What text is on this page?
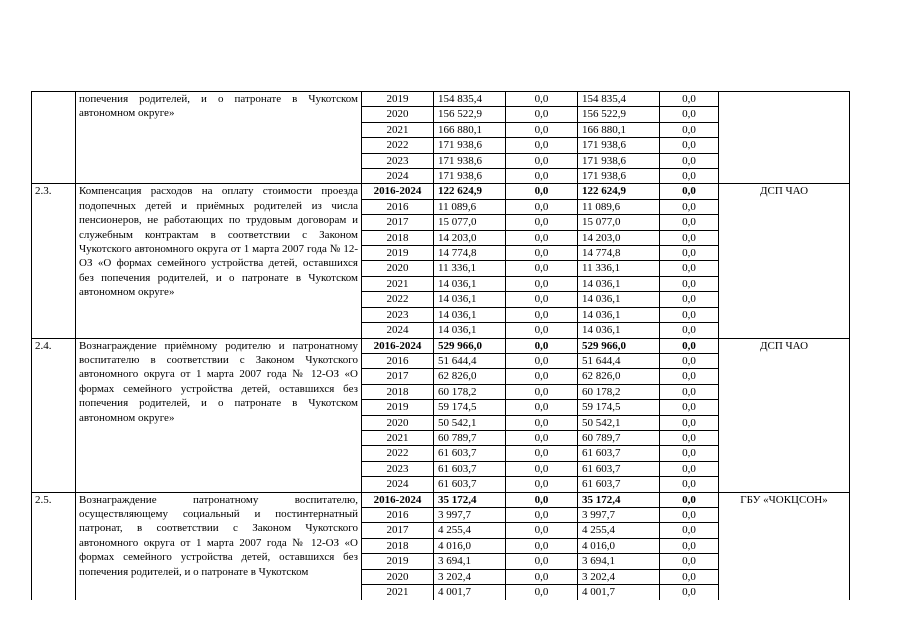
	попечения родителей, и о патронате в Чукотском автономном округе»	2019	154 835,4	0,0	154 835,4	0,0	
		2020	156 522,9	0,0	156 522,9	0,0	
		2021	166 880,1	0,0	166 880,1	0,0	
		2022	171 938,6	0,0	171 938,6	0,0	
		2023	171 938,6	0,0	171 938,6	0,0	
		2024	171 938,6	0,0	171 938,6	0,0	
2.3.	Компенсация расходов на оплату стоимости проезда подопечных детей и приёмных родителей из числа пенсионеров, не работающих по трудовым договорам и служебным контрактам в соответствии с Законом Чукотского автономного округа от 1 марта 2007 года № 12-ОЗ «О формах семейного устройства детей, оставшихся без попечения родителей, и о патронате в Чукотском автономном округе»	2016-2024	122 624,9	0,0	122 624,9	0,0	ДСП ЧАО
		2016	11 089,6	0,0	11 089,6	0,0	
		2017	15 077,0	0,0	15 077,0	0,0	
		2018	14 203,0	0,0	14 203,0	0,0	
		2019	14 774,8	0,0	14 774,8	0,0	
		2020	11 336,1	0,0	11 336,1	0,0	
		2021	14 036,1	0,0	14 036,1	0,0	
		2022	14 036,1	0,0	14 036,1	0,0	
		2023	14 036,1	0,0	14 036,1	0,0	
		2024	14 036,1	0,0	14 036,1	0,0	
2.4.	Вознаграждение приёмному родителю и патронатному воспитателю в соответствии с Законом Чукотского автономного округа от 1 марта 2007 года № 12-ОЗ «О формах семейного устройства детей, оставшихся без попечения родителей, и о патронате в Чукотском автономном округе»	2016-2024	529 966,0	0,0	529 966,0	0,0	ДСП ЧАО
		2016	51 644,4	0,0	51 644,4	0,0	
		2017	62 826,0	0,0	62 826,0	0,0	
		2018	60 178,2	0,0	60 178,2	0,0	
		2019	59 174,5	0,0	59 174,5	0,0	
		2020	50 542,1	0,0	50 542,1	0,0	
		2021	60 789,7	0,0	60 789,7	0,0	
		2022	61 603,7	0,0	61 603,7	0,0	
		2023	61 603,7	0,0	61 603,7	0,0	
		2024	61 603,7	0,0	61 603,7	0,0	
2.5.	Вознаграждение патронатному воспитателю, осуществляющему социальный и постинтернатный патронат, в соответствии с Законом Чукотского автономного округа от 1 марта 2007 года № 12-ОЗ «О формах семейного устройства детей, оставшихся без попечения родителей, и о патронате в Чукотском	2016-2024	35 172,4	0,0	35 172,4	0,0	ГБУ «ЧОКЦСОН»
		2016	3 997,7	0,0	3 997,7	0,0	
		2017	4 255,4	0,0	4 255,4	0,0	
		2018	4 016,0	0,0	4 016,0	0,0	
		2019	3 694,1	0,0	3 694,1	0,0	
		2020	3 202,4	0,0	3 202,4	0,0	
		2021	4 001,7	0,0	4 001,7	0,0	
